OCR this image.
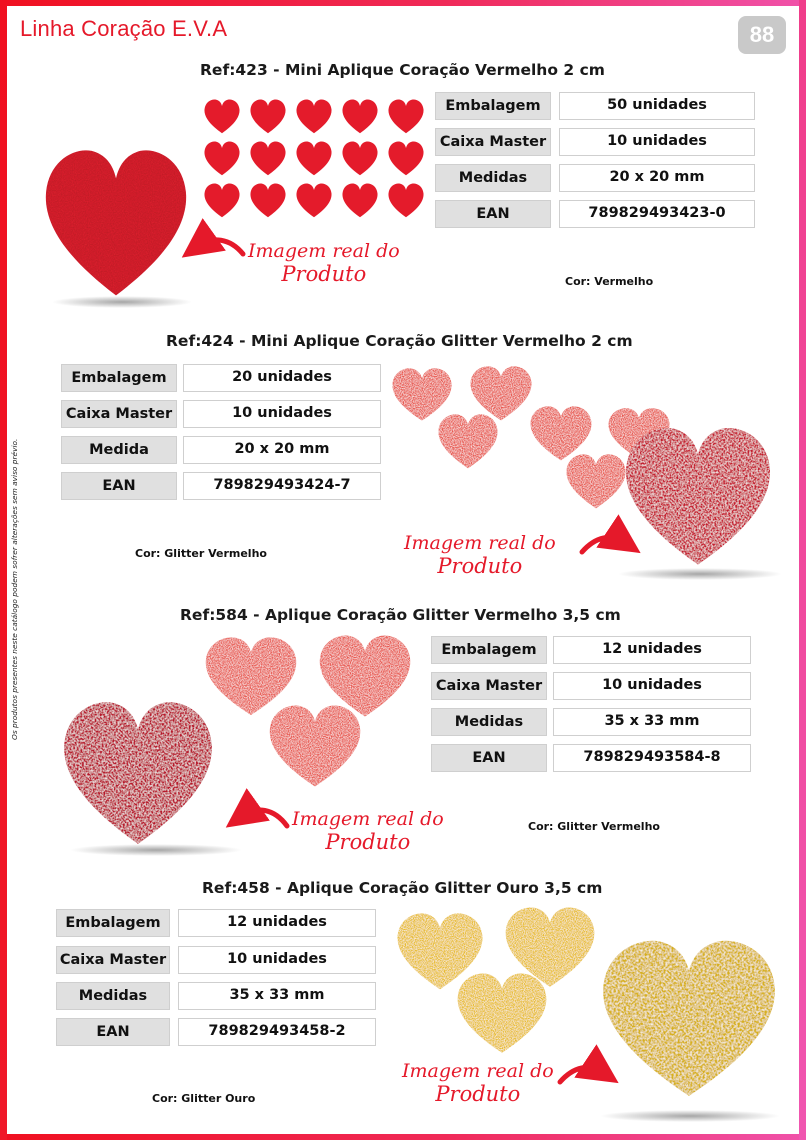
Linha Coração E.V.A	88
Os produtos presentes neste catálogo podem sofrer alterações sem aviso prévio.
Ref:423 - Mini Aplique Coração Vermelho 2 cm
Embalagem	50 unidades
Caixa Master	10 unidades
Medidas	20 x 20 mm
EAN	789829493423-0
Imagem real do
Produto	Cor: Vermelho
Ref:424 - Mini Aplique Coração Glitter Vermelho 2 cm
Embalagem	20 unidades
Caixa Master	10 unidades
Medida	20 x 20 mm
EAN	789829493424-7
Cor: Glitter Vermelho	Imagem real do
Produto
Ref:584 - Aplique Coração Glitter Vermelho 3,5 cm
Embalagem	12 unidades
Caixa Master	10 unidades
Medidas	35 x 33 mm
EAN	789829493584-8
Imagem real do
Produto
Cor: Glitter Vermelho
Ref:458 - Aplique Coração Glitter Ouro 3,5 cm
Embalagem	12 unidades
Caixa Master	10 unidades
Medidas	35 x 33 mm
EAN	789829493458-2
Cor: Glitter Ouro
Imagem real do
Produto
